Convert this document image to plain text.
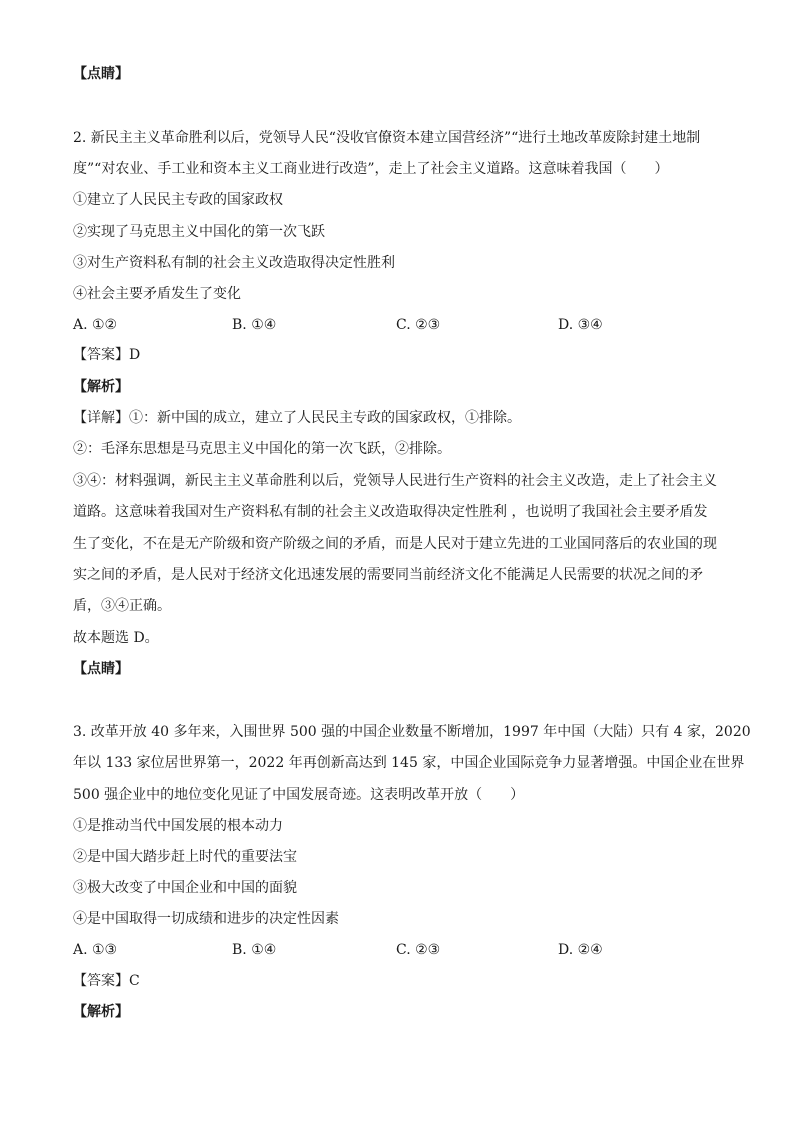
【点睛】
2. 新民主主义革命胜利以后，党领导人民“没收官僚资本建立国营经济”“进行土地改革废除封建土地制
度”“对农业、手工业和资本主义工商业进行改造”，走上了社会主义道路。这意味着我国（　　）
①建立了人民民主专政的国家政权
②实现了马克思主义中国化的第一次飞跃
③对生产资料私有制的社会主义改造取得决定性胜利
④社会主要矛盾发生了变化
A. ①②	B. ①④	C. ②③	D. ③④
【答案】D
【解析】
【详解】①：新中国的成立，建立了人民民主专政的国家政权，①排除。
②：毛泽东思想是马克思主义中国化的第一次飞跃，②排除。
③④：材料强调，新民主主义革命胜利以后，党领导人民进行生产资料的社会主义改造，走上了社会主义
道路。这意味着我国对生产资料私有制的社会主义改造取得决定性胜利 ，也说明了我国社会主要矛盾发
生了变化，不在是无产阶级和资产阶级之间的矛盾，而是人民对于建立先进的工业国同落后的农业国的现
实之间的矛盾，是人民对于经济文化迅速发展的需要同当前经济文化不能满足人民需要的状况之间的矛
盾，③④正确。
故本题选 D。
【点睛】
3. 改革开放 40 多年来，入围世界 500 强的中国企业数量不断增加，1997 年中国（大陆）只有 4 家，2020
年以 133 家位居世界第一，2022 年再创新高达到 145 家，中国企业国际竞争力显著增强。中国企业在世界
500 强企业中的地位变化见证了中国发展奇迹。这表明改革开放（　　）
①是推动当代中国发展的根本动力
②是中国大踏步赶上时代的重要法宝
③极大改变了中国企业和中国的面貌
④是中国取得一切成绩和进步的决定性因素
A. ①③	B. ①④	C. ②③	D. ②④
【答案】C
【解析】
